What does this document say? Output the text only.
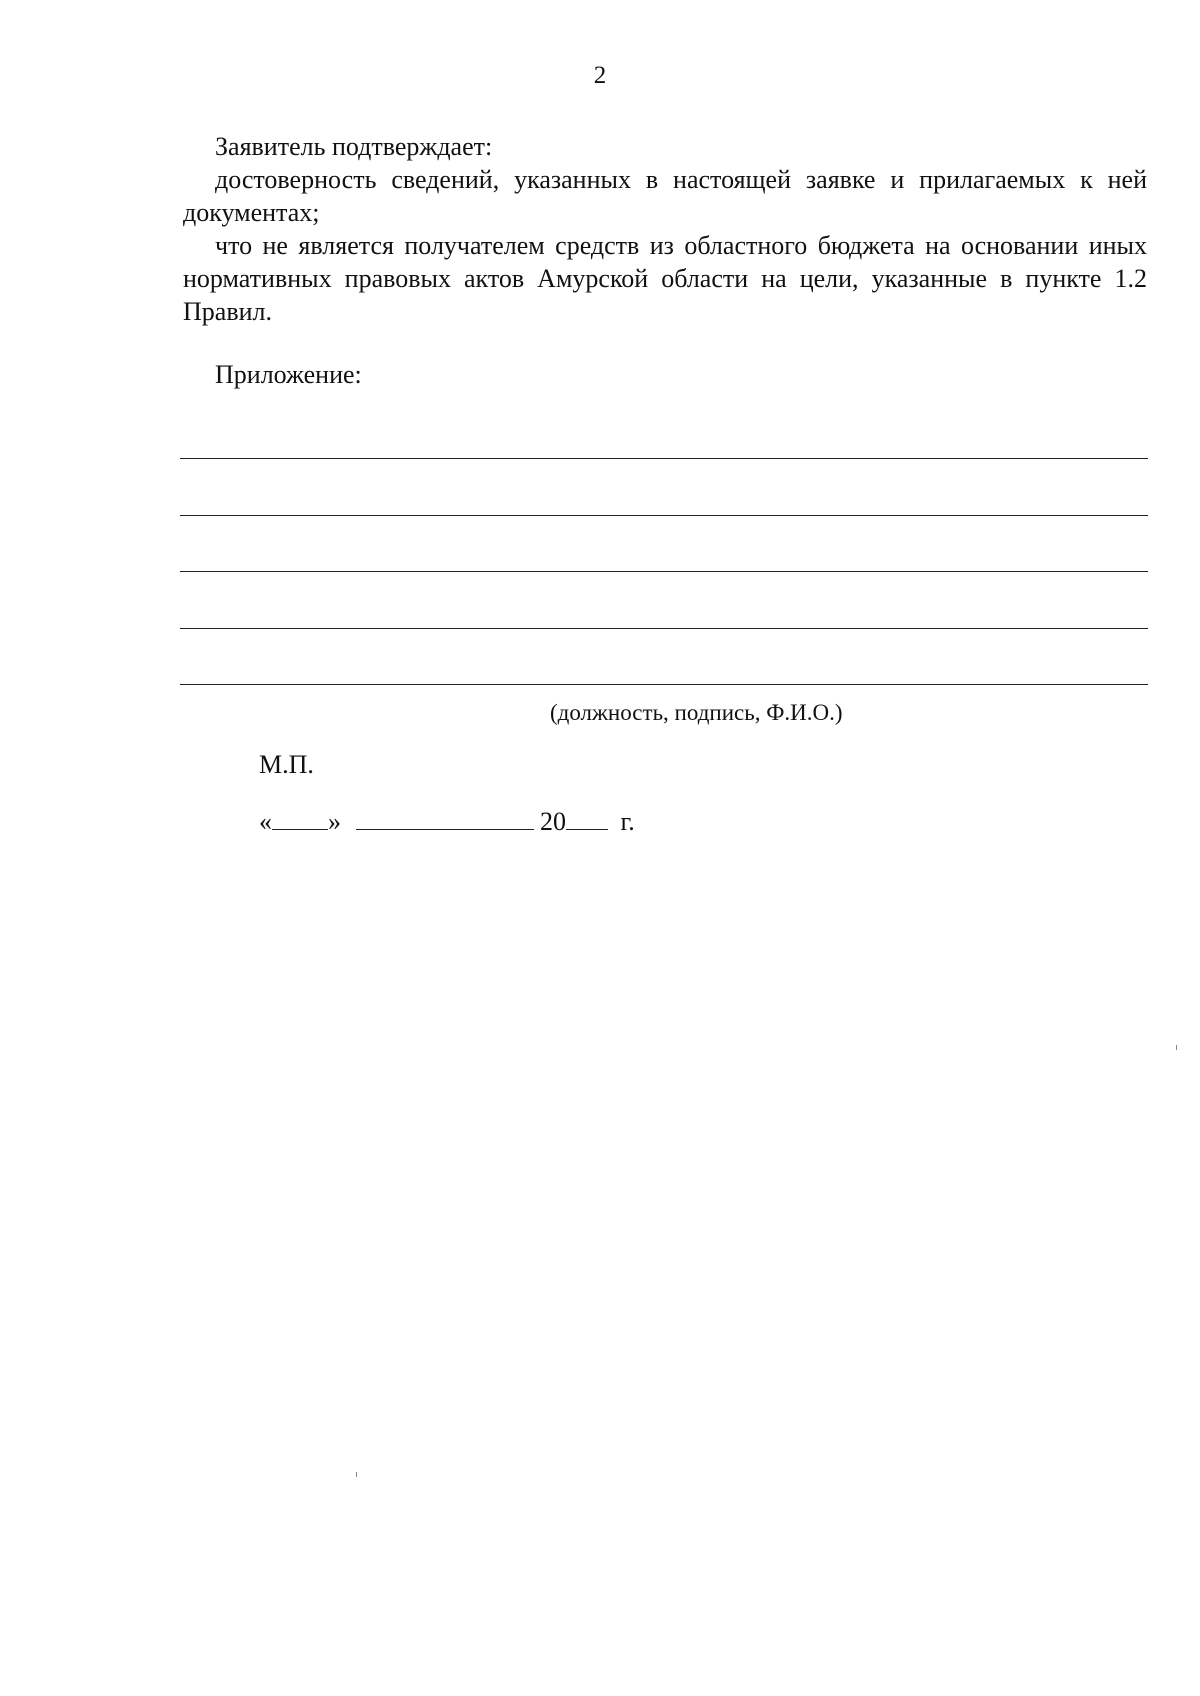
2

Заявитель подтверждает:

достоверность сведений, указанных в настоящей заявке и прилагаемых к ней документах;

что не является получателем средств из областного бюджета на основании иных нормативных правовых актов Амурской области на цели, указанные в пункте 1.2 Правил.

Приложение:
(должность, подпись, Ф.И.О.)
М.П.
« »	20 г.
